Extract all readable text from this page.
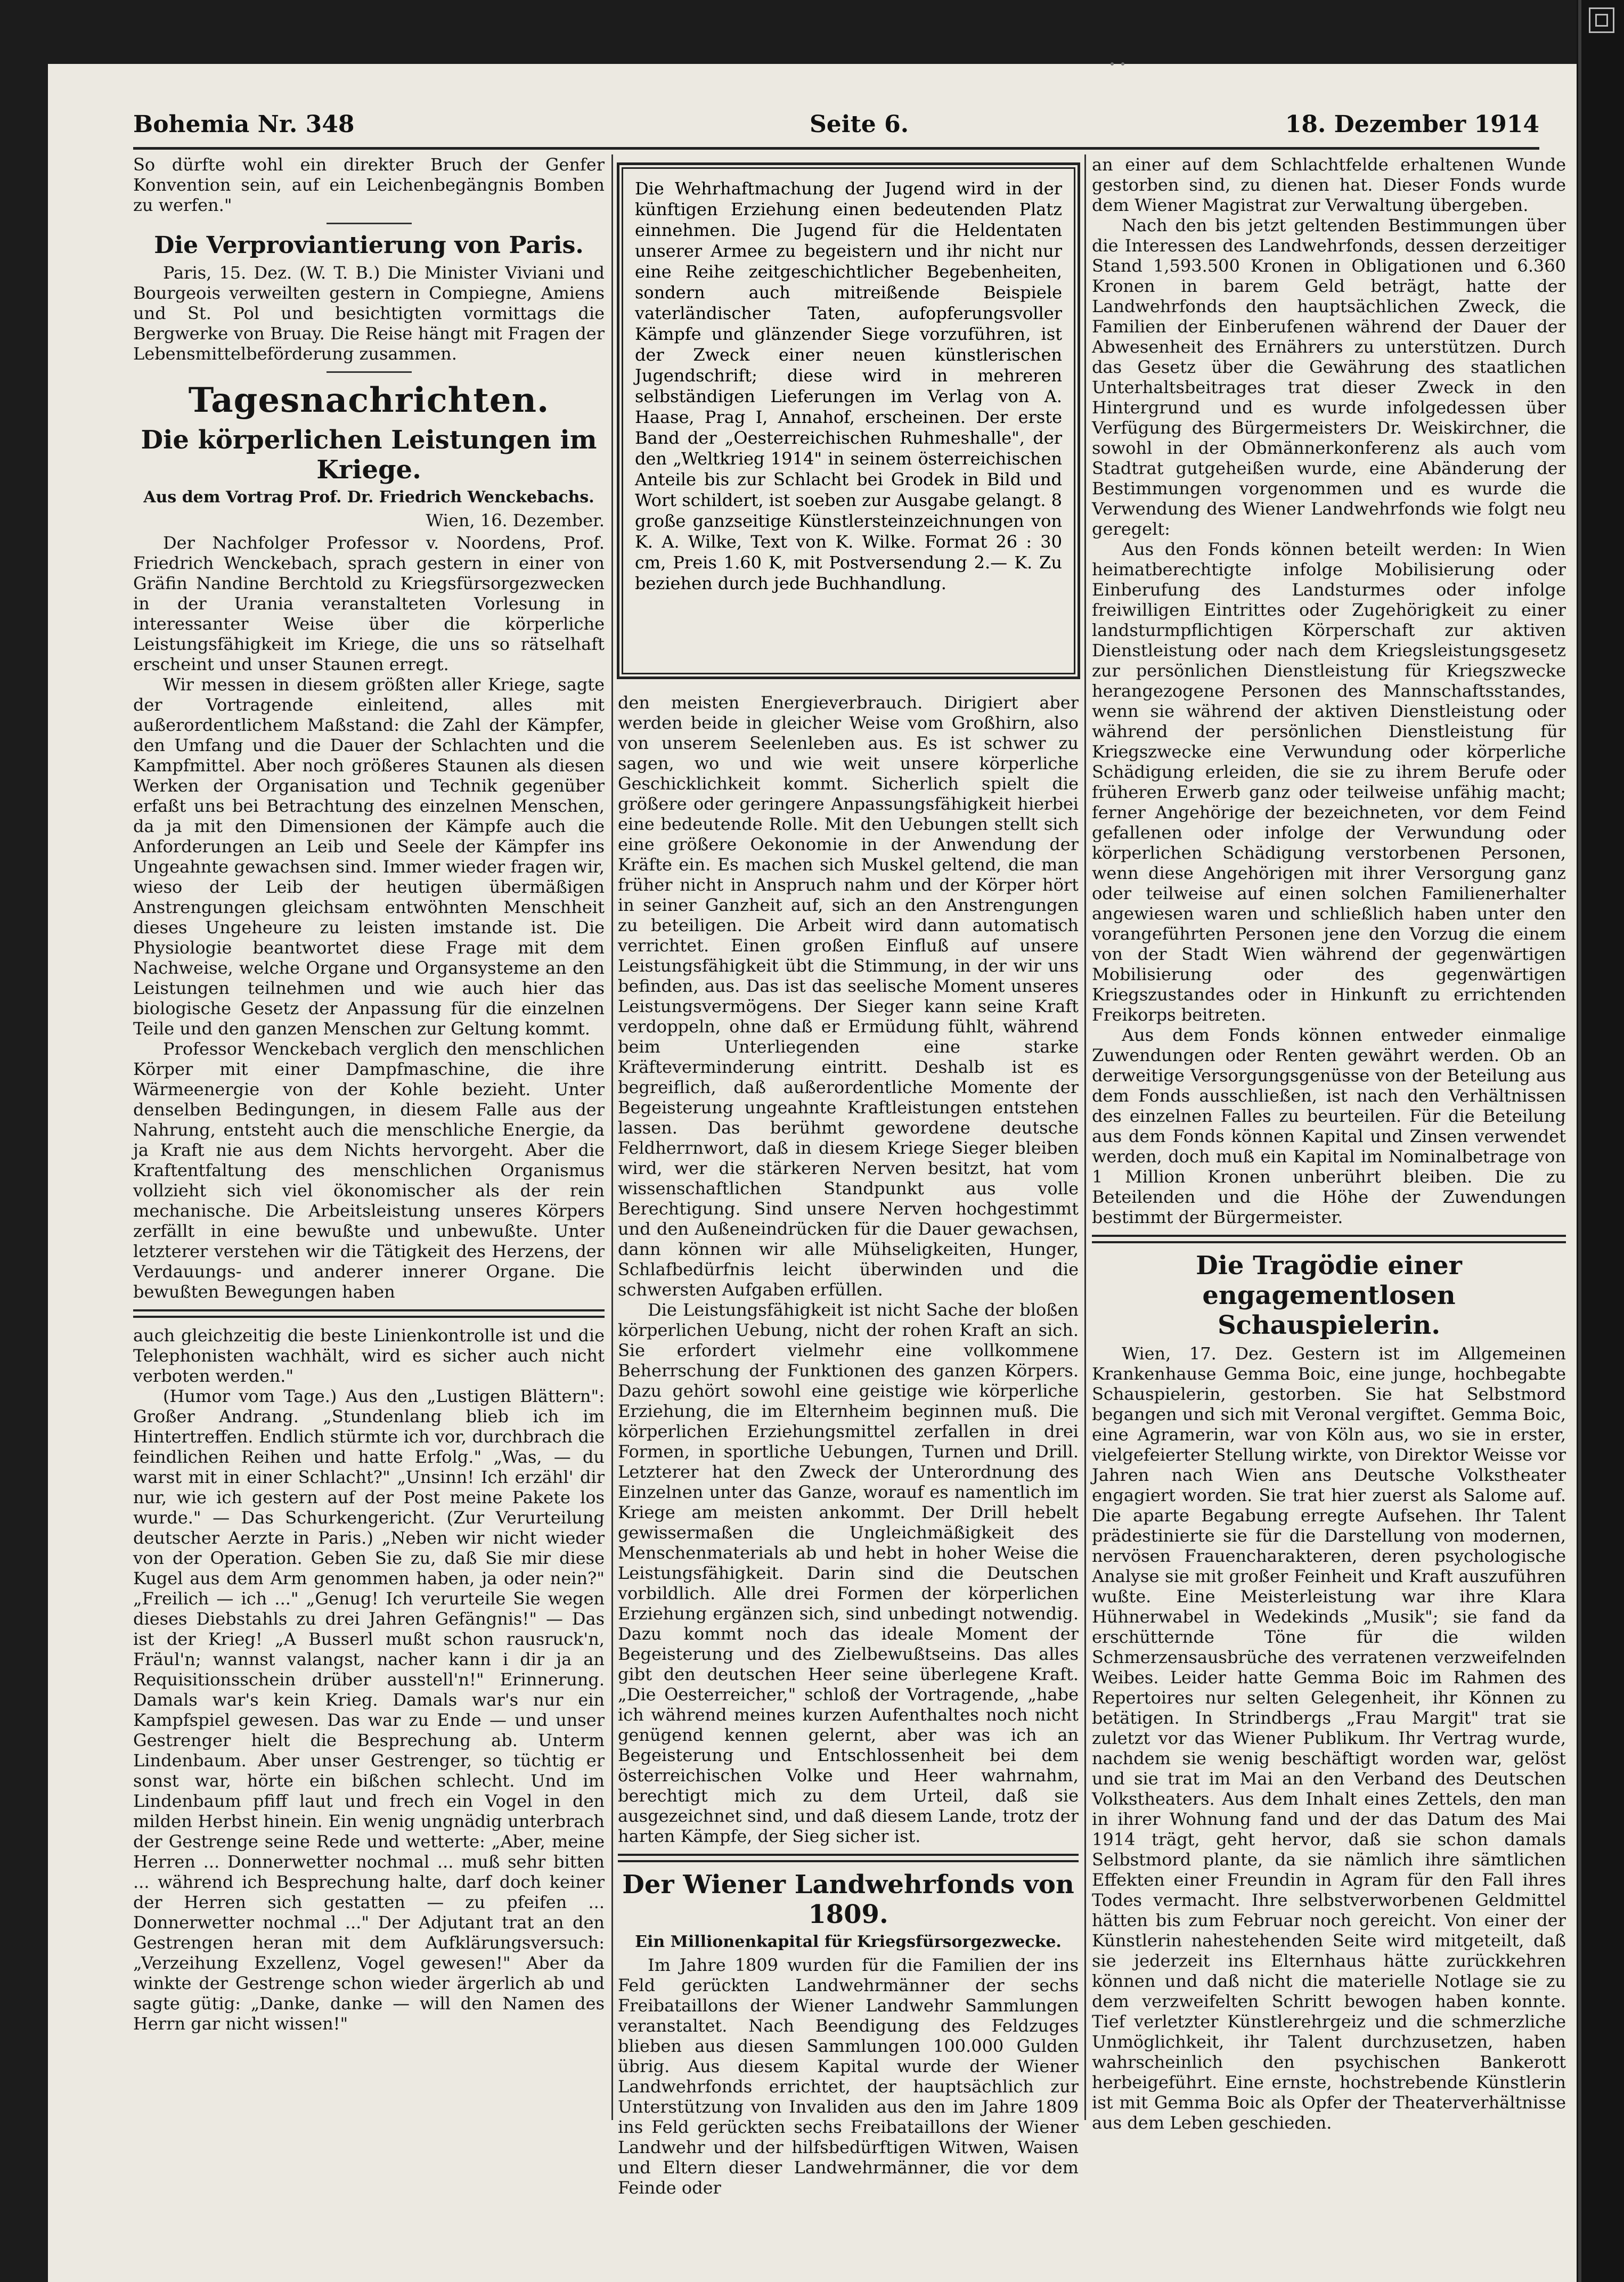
Bohemia Nr. 348	Seite 6.	18. Dezember 1914

So dürfte wohl ein direkter Bruch der Genfer Konvention sein, auf ein Leichenbegängnis Bomben zu werfen."

Die Verproviantierung von Paris.

Paris, 15. Dez. (W. T. B.) Die Minister Viviani und Bourgeois verweilten gestern in Compiegne, Amiens und St. Pol und besichtigten vormittags die Bergwerke von Bruay. Die Reise hängt mit Fragen der Lebensmittelbeförderung zusammen.

Tagesnachrichten.
Die körperlichen Leistungen im Kriege.
Aus dem Vortrag Prof. Dr. Friedrich Wenckebachs.
Wien, 16. Dezember.

Der Nachfolger Professor v. Noordens, Prof. Friedrich Wenckebach, sprach gestern in einer von Gräfin Nandine Berchtold zu Kriegsfürsorgezwecken in der Urania veranstalteten Vorlesung in interessanter Weise über die körperliche Leistungsfähigkeit im Kriege, die uns so rätselhaft erscheint und unser Staunen erregt.

Wir messen in diesem größten aller Kriege, sagte der Vortragende einleitend, alles mit außerordentlichem Maßstand: die Zahl der Kämpfer, den Umfang und die Dauer der Schlachten und die Kampfmittel. Aber noch größeres Staunen als diesen Werken der Organisation und Technik gegenüber erfaßt uns bei Betrachtung des einzelnen Menschen, da ja mit den Dimensionen der Kämpfe auch die Anforderungen an Leib und Seele der Kämpfer ins Ungeahnte gewachsen sind. Immer wieder fragen wir, wieso der Leib der heutigen übermäßigen Anstrengungen gleichsam entwöhnten Menschheit dieses Ungeheure zu leisten imstande ist. Die Physiologie beantwortet diese Frage mit dem Nachweise, welche Organe und Organsysteme an den Leistungen teilnehmen und wie auch hier das biologische Gesetz der Anpassung für die einzelnen Teile und den ganzen Menschen zur Geltung kommt.

Professor Wenckebach verglich den menschlichen Körper mit einer Dampfmaschine, die ihre Wärmeenergie von der Kohle bezieht. Unter denselben Bedingungen, in diesem Falle aus der Nahrung, entsteht auch die menschliche Energie, da ja Kraft nie aus dem Nichts hervorgeht. Aber die Kraftentfaltung des menschlichen Organismus vollzieht sich viel ökonomischer als der rein mechanische. Die Arbeitsleistung unseres Körpers zerfällt in eine bewußte und unbewußte. Unter letzterer verstehen wir die Tätigkeit des Herzens, der Verdauungs- und anderer innerer Organe. Die bewußten Bewegungen haben

auch gleichzeitig die beste Linienkontrolle ist und die Telephonisten wachhält, wird es sicher auch nicht verboten werden."

(Humor vom Tage.) Aus den „Lustigen Blättern": Großer Andrang. „Stundenlang blieb ich im Hintertreffen. Endlich stürmte ich vor, durchbrach die feindlichen Reihen und hatte Erfolg." „Was, — du warst mit in einer Schlacht?" „Unsinn! Ich erzähl' dir nur, wie ich gestern auf der Post meine Pakete los wurde." — Das Schurkengericht. (Zur Verurteilung deutscher Aerzte in Paris.) „Neben wir nicht wieder von der Operation. Geben Sie zu, daß Sie mir diese Kugel aus dem Arm genommen haben, ja oder nein?" „Freilich — ich ..." „Genug! Ich verurteile Sie wegen dieses Diebstahls zu drei Jahren Gefängnis!" — Das ist der Krieg! „A Busserl mußt schon rausruck'n, Fräul'n; wannst valangst, nacher kann i dir ja an Requisitionsschein drüber ausstell'n!" Erinnerung. Damals war's kein Krieg. Damals war's nur ein Kampfspiel gewesen. Das war zu Ende — und unser Gestrenger hielt die Besprechung ab. Unterm Lindenbaum. Aber unser Gestrenger, so tüchtig er sonst war, hörte ein bißchen schlecht. Und im Lindenbaum pfiff laut und frech ein Vogel in den milden Herbst hinein. Ein wenig ungnädig unterbrach der Gestrenge seine Rede und wetterte: „Aber, meine Herren ... Donnerwetter nochmal ... muß sehr bitten ... während ich Besprechung halte, darf doch keiner der Herren sich gestatten — zu pfeifen ... Donnerwetter nochmal ..." Der Adjutant trat an den Gestrengen heran mit dem Aufklärungsversuch: „Verzeihung Exzellenz, Vogel gewesen!" Aber da winkte der Gestrenge schon wieder ärgerlich ab und sagte gütig: „Danke, danke — will den Namen des Herrn gar nicht wissen!"

Die Wehrhaftmachung der Jugend wird in der künftigen Erziehung einen bedeutenden Platz einnehmen. Die Jugend für die Heldentaten unserer Armee zu begeistern und ihr nicht nur eine Reihe zeitgeschichtlicher Begebenheiten, sondern auch mitreißende Beispiele vaterländischer Taten, aufopferungsvoller Kämpfe und glänzender Siege vorzuführen, ist der Zweck einer neuen künstlerischen Jugendschrift; diese wird in mehreren selbständigen Lieferungen im Verlag von A. Haase, Prag I, Annahof, erscheinen. Der erste Band der „Oesterreichischen Ruhmeshalle", der den „Weltkrieg 1914" in seinem österreichischen Anteile bis zur Schlacht bei Grodek in Bild und Wort schildert, ist soeben zur Ausgabe gelangt. 8 große ganzseitige Künstlersteinzeichnungen von K. A. Wilke, Text von K. Wilke. Format 26 : 30 cm, Preis 1.60 K, mit Postversendung 2.— K. Zu beziehen durch jede Buchhandlung.

den meisten Energieverbrauch. Dirigiert aber werden beide in gleicher Weise vom Großhirn, also von unserem Seelenleben aus. Es ist schwer zu sagen, wo und wie weit unsere körperliche Geschicklichkeit kommt. Sicherlich spielt die größere oder geringere Anpassungsfähigkeit hierbei eine bedeutende Rolle. Mit den Uebungen stellt sich eine größere Oekonomie in der Anwendung der Kräfte ein. Es machen sich Muskel geltend, die man früher nicht in Anspruch nahm und der Körper hört in seiner Ganzheit auf, sich an den Anstrengungen zu beteiligen. Die Arbeit wird dann automatisch verrichtet. Einen großen Einfluß auf unsere Leistungsfähigkeit übt die Stimmung, in der wir uns befinden, aus. Das ist das seelische Moment unseres Leistungsvermögens. Der Sieger kann seine Kraft verdoppeln, ohne daß er Ermüdung fühlt, während beim Unterliegenden eine starke Kräfteverminderung eintritt. Deshalb ist es begreiflich, daß außerordentliche Momente der Begeisterung ungeahnte Kraftleistungen entstehen lassen. Das berühmt gewordene deutsche Feldherrnwort, daß in diesem Kriege Sieger bleiben wird, wer die stärkeren Nerven besitzt, hat vom wissenschaftlichen Standpunkt aus volle Berechtigung. Sind unsere Nerven hochgestimmt und den Außeneindrücken für die Dauer gewachsen, dann können wir alle Mühseligkeiten, Hunger, Schlafbedürfnis leicht überwinden und die schwersten Aufgaben erfüllen.

Die Leistungsfähigkeit ist nicht Sache der bloßen körperlichen Uebung, nicht der rohen Kraft an sich. Sie erfordert vielmehr eine vollkommene Beherrschung der Funktionen des ganzen Körpers. Dazu gehört sowohl eine geistige wie körperliche Erziehung, die im Elternheim beginnen muß. Die körperlichen Erziehungsmittel zerfallen in drei Formen, in sportliche Uebungen, Turnen und Drill. Letzterer hat den Zweck der Unterordnung des Einzelnen unter das Ganze, worauf es namentlich im Kriege am meisten ankommt. Der Drill hebelt gewissermaßen die Ungleichmäßigkeit des Menschenmaterials ab und hebt in hoher Weise die Leistungsfähigkeit. Darin sind die Deutschen vorbildlich. Alle drei Formen der körperlichen Erziehung ergänzen sich, sind unbedingt notwendig. Dazu kommt noch das ideale Moment der Begeisterung und des Zielbewußtseins. Das alles gibt den deutschen Heer seine überlegene Kraft. „Die Oesterreicher," schloß der Vortragende, „habe ich während meines kurzen Aufenthaltes noch nicht genügend kennen gelernt, aber was ich an Begeisterung und Entschlossenheit bei dem österreichischen Volke und Heer wahrnahm, berechtigt mich zu dem Urteil, daß sie ausgezeichnet sind, und daß diesem Lande, trotz der harten Kämpfe, der Sieg sicher ist.

Der Wiener Landwehrfonds von 1809.
Ein Millionenkapital für Kriegsfürsorgezwecke.

Im Jahre 1809 wurden für die Familien der ins Feld gerückten Landwehrmänner der sechs Freibataillons der Wiener Landwehr Sammlungen veranstaltet. Nach Beendigung des Feldzuges blieben aus diesen Sammlungen 100.000 Gulden übrig. Aus diesem Kapital wurde der Wiener Landwehrfonds errichtet, der hauptsächlich zur Unterstützung von Invaliden aus den im Jahre 1809 ins Feld gerückten sechs Freibataillons der Wiener Landwehr und der hilfsbedürftigen Witwen, Waisen und Eltern dieser Landwehrmänner, die vor dem Feinde oder

an einer auf dem Schlachtfelde erhaltenen Wunde gestorben sind, zu dienen hat. Dieser Fonds wurde dem Wiener Magistrat zur Verwaltung übergeben.

Nach den bis jetzt geltenden Bestimmungen über die Interessen des Landwehrfonds, dessen derzeitiger Stand 1,593.500 Kronen in Obligationen und 6.360 Kronen in barem Geld beträgt, hatte der Landwehrfonds den hauptsächlichen Zweck, die Familien der Einberufenen während der Dauer der Abwesenheit des Ernährers zu unterstützen. Durch das Gesetz über die Gewährung des staatlichen Unterhaltsbeitrages trat dieser Zweck in den Hintergrund und es wurde infolgedessen über Verfügung des Bürgermeisters Dr. Weiskirchner, die sowohl in der Obmännerkonferenz als auch vom Stadtrat gutgeheißen wurde, eine Abänderung der Bestimmungen vorgenommen und es wurde die Verwendung des Wiener Landwehrfonds wie folgt neu geregelt:

Aus den Fonds können beteilt werden: In Wien heimatberechtigte infolge Mobilisierung oder Einberufung des Landsturmes oder infolge freiwilligen Eintrittes oder Zugehörigkeit zu einer landsturmpflichtigen Körperschaft zur aktiven Dienstleistung oder nach dem Kriegsleistungsgesetz zur persönlichen Dienstleistung für Kriegszwecke herangezogene Personen des Mannschaftsstandes, wenn sie während der aktiven Dienstleistung oder während der persönlichen Dienstleistung für Kriegszwecke eine Verwundung oder körperliche Schädigung erleiden, die sie zu ihrem Berufe oder früheren Erwerb ganz oder teilweise unfähig macht; ferner Angehörige der bezeichneten, vor dem Feind gefallenen oder infolge der Verwundung oder körperlichen Schädigung verstorbenen Personen, wenn diese Angehörigen mit ihrer Versorgung ganz oder teilweise auf einen solchen Familienerhalter angewiesen waren und schließlich haben unter den vorangeführten Personen jene den Vorzug die einem von der Stadt Wien während der gegenwärtigen Mobilisierung oder des gegenwärtigen Kriegszustandes oder in Hinkunft zu errichtenden Freikorps beitreten.

Aus dem Fonds können entweder einmalige Zuwendungen oder Renten gewährt werden. Ob an derweitige Versorgungsgenüsse von der Beteilung aus dem Fonds ausschließen, ist nach den Verhältnissen des einzelnen Falles zu beurteilen. Für die Beteilung aus dem Fonds können Kapital und Zinsen verwendet werden, doch muß ein Kapital im Nominalbetrage von 1 Million Kronen unberührt bleiben. Die zu Beteilenden und die Höhe der Zuwendungen bestimmt der Bürgermeister.

Die Tragödie einer engagementlosen Schauspielerin.

Wien, 17. Dez. Gestern ist im Allgemeinen Krankenhause Gemma Boic, eine junge, hochbegabte Schauspielerin, gestorben. Sie hat Selbstmord begangen und sich mit Veronal vergiftet. Gemma Boic, eine Agramerin, war von Köln aus, wo sie in erster, vielgefeierter Stellung wirkte, von Direktor Weisse vor Jahren nach Wien ans Deutsche Volkstheater engagiert worden. Sie trat hier zuerst als Salome auf. Die aparte Begabung erregte Aufsehen. Ihr Talent prädestinierte sie für die Darstellung von modernen, nervösen Frauencharakteren, deren psychologische Analyse sie mit großer Feinheit und Kraft auszuführen wußte. Eine Meisterleistung war ihre Klara Hühnerwabel in Wedekinds „Musik"; sie fand da erschütternde Töne für die wilden Schmerzensausbrüche des verratenen verzweifelnden Weibes. Leider hatte Gemma Boic im Rahmen des Repertoires nur selten Gelegenheit, ihr Können zu betätigen. In Strindbergs „Frau Margit" trat sie zuletzt vor das Wiener Publikum. Ihr Vertrag wurde, nachdem sie wenig beschäftigt worden war, gelöst und sie trat im Mai an den Verband des Deutschen Volkstheaters. Aus dem Inhalt eines Zettels, den man in ihrer Wohnung fand und der das Datum des Mai 1914 trägt, geht hervor, daß sie schon damals Selbstmord plante, da sie nämlich ihre sämtlichen Effekten einer Freundin in Agram für den Fall ihres Todes vermacht. Ihre selbstverworbenen Geldmittel hätten bis zum Februar noch gereicht. Von einer der Künstlerin nahestehenden Seite wird mitgeteilt, daß sie jederzeit ins Elternhaus hätte zurückkehren können und daß nicht die materielle Notlage sie zu dem verzweifelten Schritt bewogen haben konnte. Tief verletzter Künstlerehrgeiz und die schmerzliche Unmöglichkeit, ihr Talent durchzusetzen, haben wahrscheinlich den psychischen Bankerott herbeigeführt. Eine ernste, hochstrebende Künstlerin ist mit Gemma Boic als Opfer der Theaterverhältnisse aus dem Leben geschieden.
